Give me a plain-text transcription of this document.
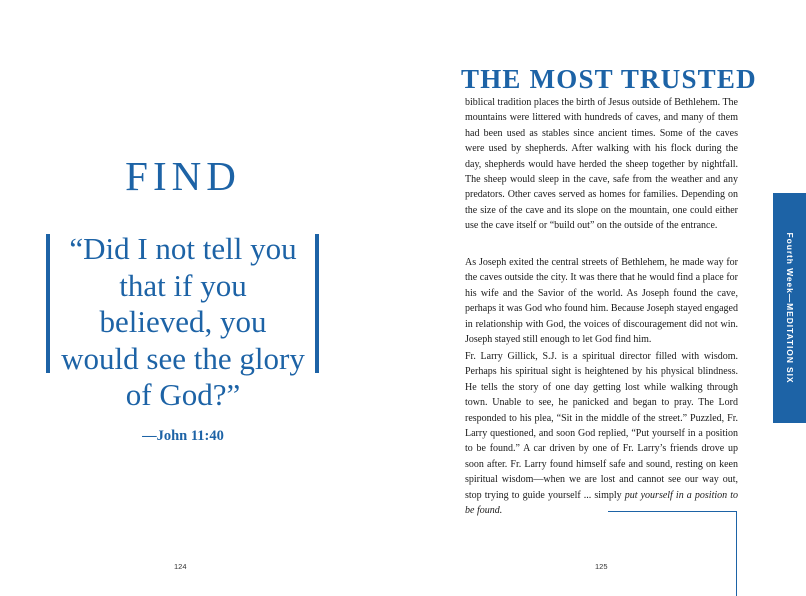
FIND

“Did I not tell you that if you believed, you would see the glory of God?”

—John 11:40
124
THE MOST TRUSTED

biblical tradition places the birth of Jesus outside of Bethlehem. The mountains were littered with hundreds of caves, and many of them had been used as stables since ancient times. Some of the caves were used by shepherds. After walking with his flock during the day, shepherds would have herded the sheep together by nightfall. The sheep would sleep in the cave, safe from the weather and any predators. Other caves served as homes for families. Depending on the size of the cave and its slope on the mountain, one could either use the cave itself or “build out” on the outside of the entrance.

As Joseph exited the central streets of Bethlehem, he made way for the caves outside the city. It was there that he would find a place for his wife and the Savior of the world. As Joseph found the cave, perhaps it was God who found him. Because Joseph stayed engaged in relationship with God, the voices of discouragement did not win. Joseph stayed still enough to let God find him.

Fr. Larry Gillick, S.J. is a spiritual director filled with wisdom. Perhaps his spiritual sight is heightened by his physical blindness. He tells the story of one day getting lost while walking through town. Unable to see, he panicked and began to pray. The Lord responded to his plea, “Sit in the middle of the street.” Puzzled, Fr. Larry questioned, and soon God replied, “Put yourself in a position to be found.” A car driven by one of Fr. Larry’s friends drove up soon after. Fr. Larry found himself safe and sound, resting on keen spiritual wisdom—when we are lost and cannot see our way out, stop trying to guide yourself ... simply put yourself in a position to be found.

125
Fourth Week—MEDITATION SIX
